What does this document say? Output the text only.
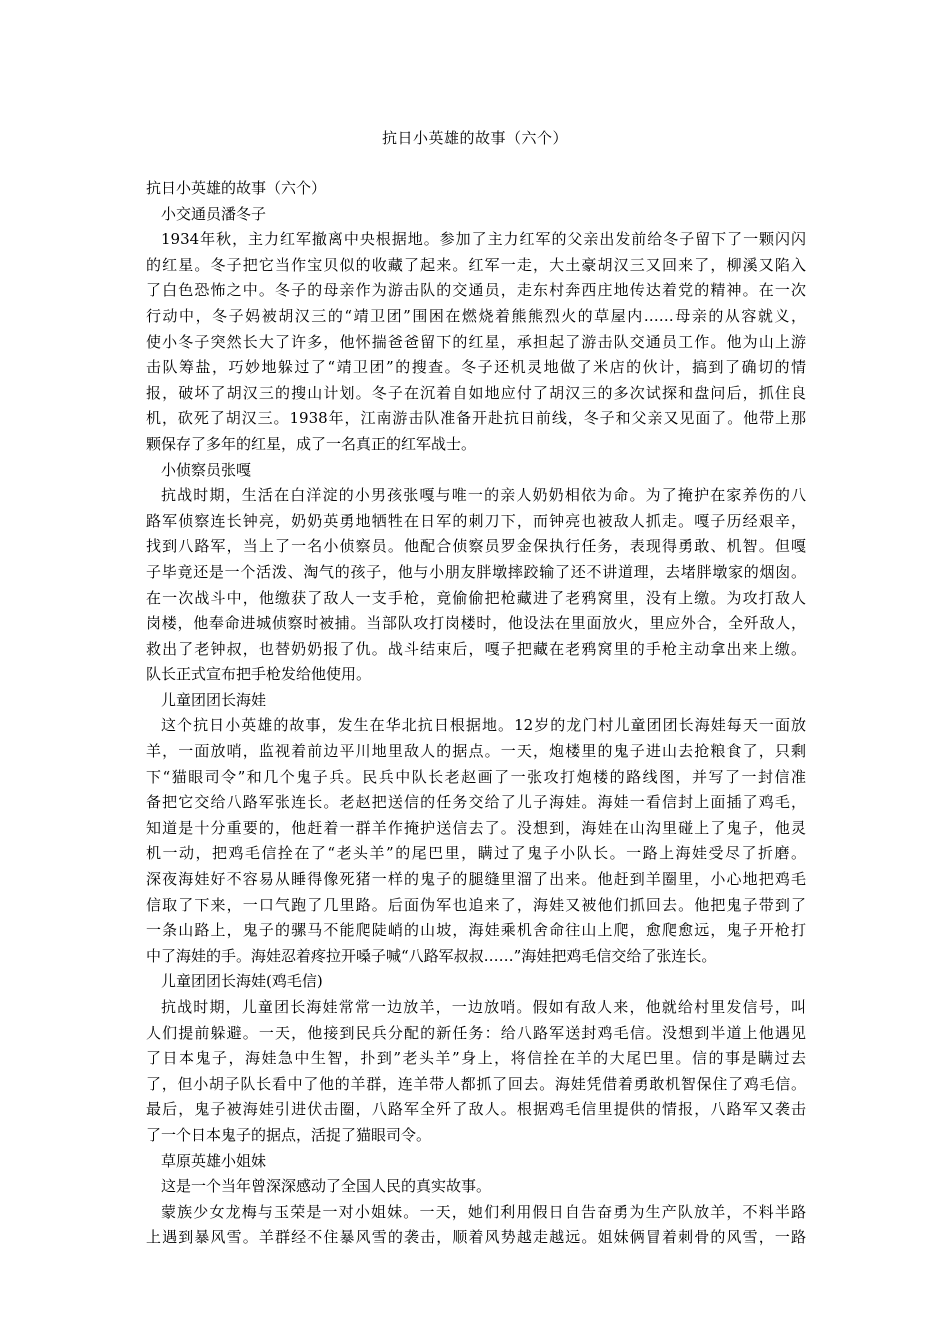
抗日小英雄的故事（六个）
抗日小英雄的故事（六个）
小交通员潘冬子
1934年秋，主力红军撤离中央根据地。参加了主力红军的父亲出发前给冬子留下了一颗闪闪
的红星。冬子把它当作宝贝似的收藏了起来。红军一走，大土豪胡汉三又回来了，柳溪又陷入
了白色恐怖之中。冬子的母亲作为游击队的交通员，走东村奔西庄地传达着党的精神。在一次
行动中，冬子妈被胡汉三的“靖卫团”围困在燃烧着熊熊烈火的草屋内……母亲的从容就义，
使小冬子突然长大了许多，他怀揣爸爸留下的红星，承担起了游击队交通员工作。他为山上游
击队筹盐，巧妙地躲过了“靖卫团”的搜查。冬子还机灵地做了米店的伙计，搞到了确切的情
报，破坏了胡汉三的搜山计划。冬子在沉着自如地应付了胡汉三的多次试探和盘问后，抓住良
机，砍死了胡汉三。1938年，江南游击队准备开赴抗日前线，冬子和父亲又见面了。他带上那
颗保存了多年的红星，成了一名真正的红军战士。
小侦察员张嘎
抗战时期，生活在白洋淀的小男孩张嘎与唯一的亲人奶奶相依为命。为了掩护在家养伤的八
路军侦察连长钟亮，奶奶英勇地牺牲在日军的刺刀下，而钟亮也被敌人抓走。嘎子历经艰辛，
找到八路军，当上了一名小侦察员。他配合侦察员罗金保执行任务，表现得勇敢、机智。但嘎
子毕竟还是一个活泼、淘气的孩子，他与小朋友胖墩摔跤输了还不讲道理，去堵胖墩家的烟囱。
在一次战斗中，他缴获了敌人一支手枪，竟偷偷把枪藏进了老鸦窝里，没有上缴。为攻打敌人
岗楼，他奉命进城侦察时被捕。当部队攻打岗楼时，他设法在里面放火，里应外合，全歼敌人，
救出了老钟叔，也替奶奶报了仇。战斗结束后，嘎子把藏在老鸦窝里的手枪主动拿出来上缴。
队长正式宣布把手枪发给他使用。
儿童团团长海娃
这个抗日小英雄的故事，发生在华北抗日根据地。12岁的龙门村儿童团团长海娃每天一面放
羊，一面放哨，监视着前边平川地里敌人的据点。一天，炮楼里的鬼子进山去抢粮食了，只剩
下“猫眼司令”和几个鬼子兵。民兵中队长老赵画了一张攻打炮楼的路线图，并写了一封信准
备把它交给八路军张连长。老赵把送信的任务交给了儿子海娃。海娃一看信封上面插了鸡毛，
知道是十分重要的，他赶着一群羊作掩护送信去了。没想到，海娃在山沟里碰上了鬼子，他灵
机一动，把鸡毛信拴在了“老头羊”的尾巴里，瞒过了鬼子小队长。一路上海娃受尽了折磨。
深夜海娃好不容易从睡得像死猪一样的鬼子的腿缝里溜了出来。他赶到羊圈里，小心地把鸡毛
信取了下来，一口气跑了几里路。后面伪军也追来了，海娃又被他们抓回去。他把鬼子带到了
一条山路上，鬼子的骡马不能爬陡峭的山坡，海娃乘机舍命往山上爬，愈爬愈远，鬼子开枪打
中了海娃的手。海娃忍着疼拉开嗓子喊“八路军叔叔……”海娃把鸡毛信交给了张连长。
儿童团团长海娃(鸡毛信)
抗战时期，儿童团长海娃常常一边放羊，一边放哨。假如有敌人来，他就给村里发信号，叫
人们提前躲避。一天，他接到民兵分配的新任务：给八路军送封鸡毛信。没想到半道上他遇见
了日本鬼子，海娃急中生智，扑到”老头羊”身上，将信拴在羊的大尾巴里。信的事是瞒过去
了，但小胡子队长看中了他的羊群，连羊带人都抓了回去。海娃凭借着勇敢机智保住了鸡毛信。
最后，鬼子被海娃引进伏击圈，八路军全歼了敌人。根据鸡毛信里提供的情报，八路军又袭击
了一个日本鬼子的据点，活捉了猫眼司令。
草原英雄小姐妹
这是一个当年曾深深感动了全国人民的真实故事。
蒙族少女龙梅与玉荣是一对小姐妹。一天，她们利用假日自告奋勇为生产队放羊，不料半路
上遇到暴风雪。羊群经不住暴风雪的袭击，顺着风势越走越远。姐妹俩冒着刺骨的风雪，一路
